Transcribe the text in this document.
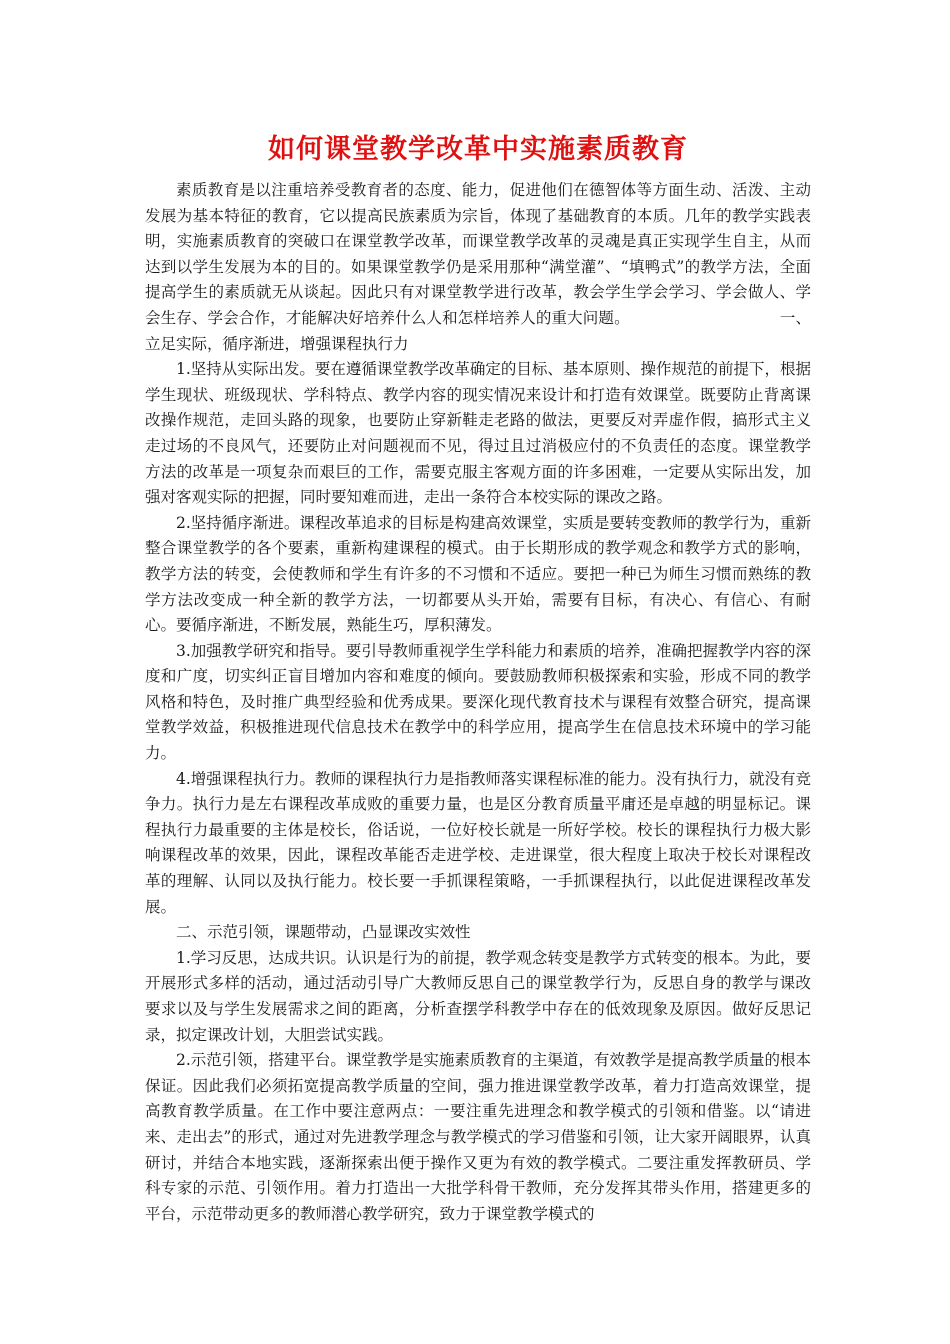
如何课堂教学改革中实施素质教育

素质教育是以注重培养受教育者的态度、能力，促进他们在德智体等方面生动、活泼、主动发展为基本特征的教育，它以提高民族素质为宗旨，体现了基础教育的本质。几年的教学实践表明，实施素质教育的突破口在课堂教学改革，而课堂教学改革的灵魂是真正实现学生自主，从而达到以学生发展为本的目的。如果课堂教学仍是采用那种“满堂灌”、“填鸭式”的教学方法，全面提高学生的素质就无从谈起。因此只有对课堂教学进行改革，教会学生学会学习、学会做人、学会生存、学会合作，才能解决好培养什么人和怎样培养人的重大问题。	一、立足实际，循序渐进，增强课程执行力

1.坚持从实际出发。要在遵循课堂教学改革确定的目标、基本原则、操作规范的前提下，根据学生现状、班级现状、学科特点、教学内容的现实情况来设计和打造有效课堂。既要防止背离课改操作规范，走回头路的现象，也要防止穿新鞋走老路的做法，更要反对弄虚作假，搞形式主义走过场的不良风气，还要防止对问题视而不见，得过且过消极应付的不负责任的态度。课堂教学方法的改革是一项复杂而艰巨的工作，需要克服主客观方面的许多困难，一定要从实际出发，加强对客观实际的把握，同时要知难而进，走出一条符合本校实际的课改之路。

2.坚持循序渐进。课程改革追求的目标是构建高效课堂，实质是要转变教师的教学行为，重新整合课堂教学的各个要素，重新构建课程的模式。由于长期形成的教学观念和教学方式的影响，教学方法的转变，会使教师和学生有许多的不习惯和不适应。要把一种已为师生习惯而熟练的教学方法改变成一种全新的教学方法，一切都要从头开始，需要有目标，有决心、有信心、有耐心。要循序渐进，不断发展，熟能生巧，厚积薄发。

3.加强教学研究和指导。要引导教师重视学生学科能力和素质的培养，准确把握教学内容的深度和广度，切实纠正盲目增加内容和难度的倾向。要鼓励教师积极探索和实验，形成不同的教学风格和特色，及时推广典型经验和优秀成果。要深化现代教育技术与课程有效整合研究，提高课堂教学效益，积极推进现代信息技术在教学中的科学应用，提高学生在信息技术环境中的学习能力。

4.增强课程执行力。教师的课程执行力是指教师落实课程标准的能力。没有执行力，就没有竞争力。执行力是左右课程改革成败的重要力量，也是区分教育质量平庸还是卓越的明显标记。课程执行力最重要的主体是校长，俗话说，一位好校长就是一所好学校。校长的课程执行力极大影响课程改革的效果，因此，课程改革能否走进学校、走进课堂，很大程度上取决于校长对课程改革的理解、认同以及执行能力。校长要一手抓课程策略，一手抓课程执行，以此促进课程改革发展。

二、示范引领，课题带动，凸显课改实效性

1.学习反思，达成共识。认识是行为的前提，教学观念转变是教学方式转变的根本。为此，要开展形式多样的活动，通过活动引导广大教师反思自己的课堂教学行为，反思自身的教学与课改要求以及与学生发展需求之间的距离，分析查摆学科教学中存在的低效现象及原因。做好反思记录，拟定课改计划，大胆尝试实践。

2.示范引领，搭建平台。课堂教学是实施素质教育的主渠道，有效教学是提高教学质量的根本保证。因此我们必须拓宽提高教学质量的空间，强力推进课堂教学改革，着力打造高效课堂，提高教育教学质量。在工作中要注意两点：一要注重先进理念和教学模式的引领和借鉴。以“请进来、走出去”的形式，通过对先进教学理念与教学模式的学习借鉴和引领，让大家开阔眼界，认真研讨，并结合本地实践，逐渐探索出便于操作又更为有效的教学模式。二要注重发挥教研员、学科专家的示范、引领作用。着力打造出一大批学科骨干教师，充分发挥其带头作用，搭建更多的平台，示范带动更多的教师潜心教学研究，致力于课堂教学模式的
